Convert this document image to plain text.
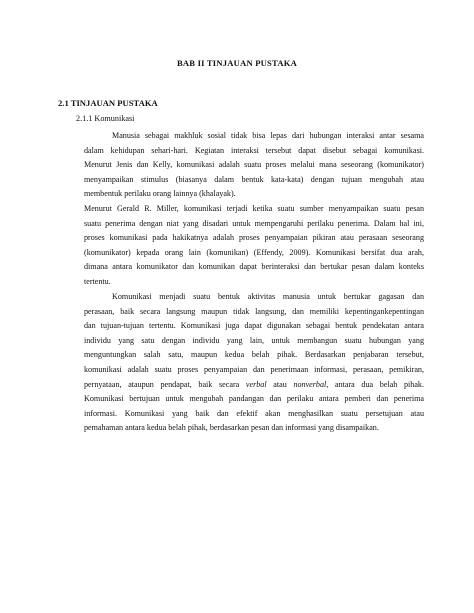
BAB II TINJAUAN PUSTAKA
2.1 TINJAUAN PUSTAKA
2.1.1 Komunikasi
Manusia sebagai makhluk sosial tidak bisa lepas dari hubungan interaksi antar sesama
dalam kehidupan sehari-hari. Kegiatan interaksi tersebut dapat disebut sebagai komunikasi.
Menurut Jenis dan Kelly, komunikasi adalah suatu proses melalui mana seseorang (komunikator)
menyampaikan stimulus (biasanya dalam bentuk kata-kata) dengan tujuan mengubah atau
membentuk perilaku orang lainnya (khalayak).
Menurut Gerald R. Miller, komunikasi terjadi ketika suatu sumber menyampaikan suatu pesan
suatu penerima dengan niat yang disadari untuk mempengaruhi perilaku penerima. Dalam hal ini,
proses komunikasi pada hakikatnya adalah proses penyampaian pikiran atau perasaan seseorang
(komunikator) kepada orang lain (komunikan) (Effendy, 2009). Komunikasi bersifat dua arah,
dimana antara komunikator dan komunikan dapat berinteraksi dan bertukar pesan dalam konteks
tertentu.
Komunikasi menjadi suatu bentuk aktivitas manusia untuk bertukar gagasan dan
perasaan, baik secara langsung maupun tidak langsung, dan memiliki kepentingankepentingan
dan tujuan-tujuan tertentu. Komunikasi juga dapat digunakan sebagai bentuk pendekatan antara
individu yang satu dengan individu yang lain, untuk membangun suatu hubungan yang
menguntungkan salah satu, maupun kedua belah pihak. Berdasarkan penjabaran tersebut,
komunikasi adalah suatu proses penyampaian dan penerimaan informasi, perasaan, pemikiran,
pernyataan, ataupun pendapat, baik secara verbal atau nonverbal, antara dua belah pihak.
Komunikasi bertujuan untuk mengubah pandangan dan perilaku antara pemberi dan penerima
informasi. Komunikasi yang baik dan efektif akan menghasilkan suatu persetujuan atau
pemahaman antara kedua belah pihak, berdasarkan pesan dan informasi yang disampaikan.
